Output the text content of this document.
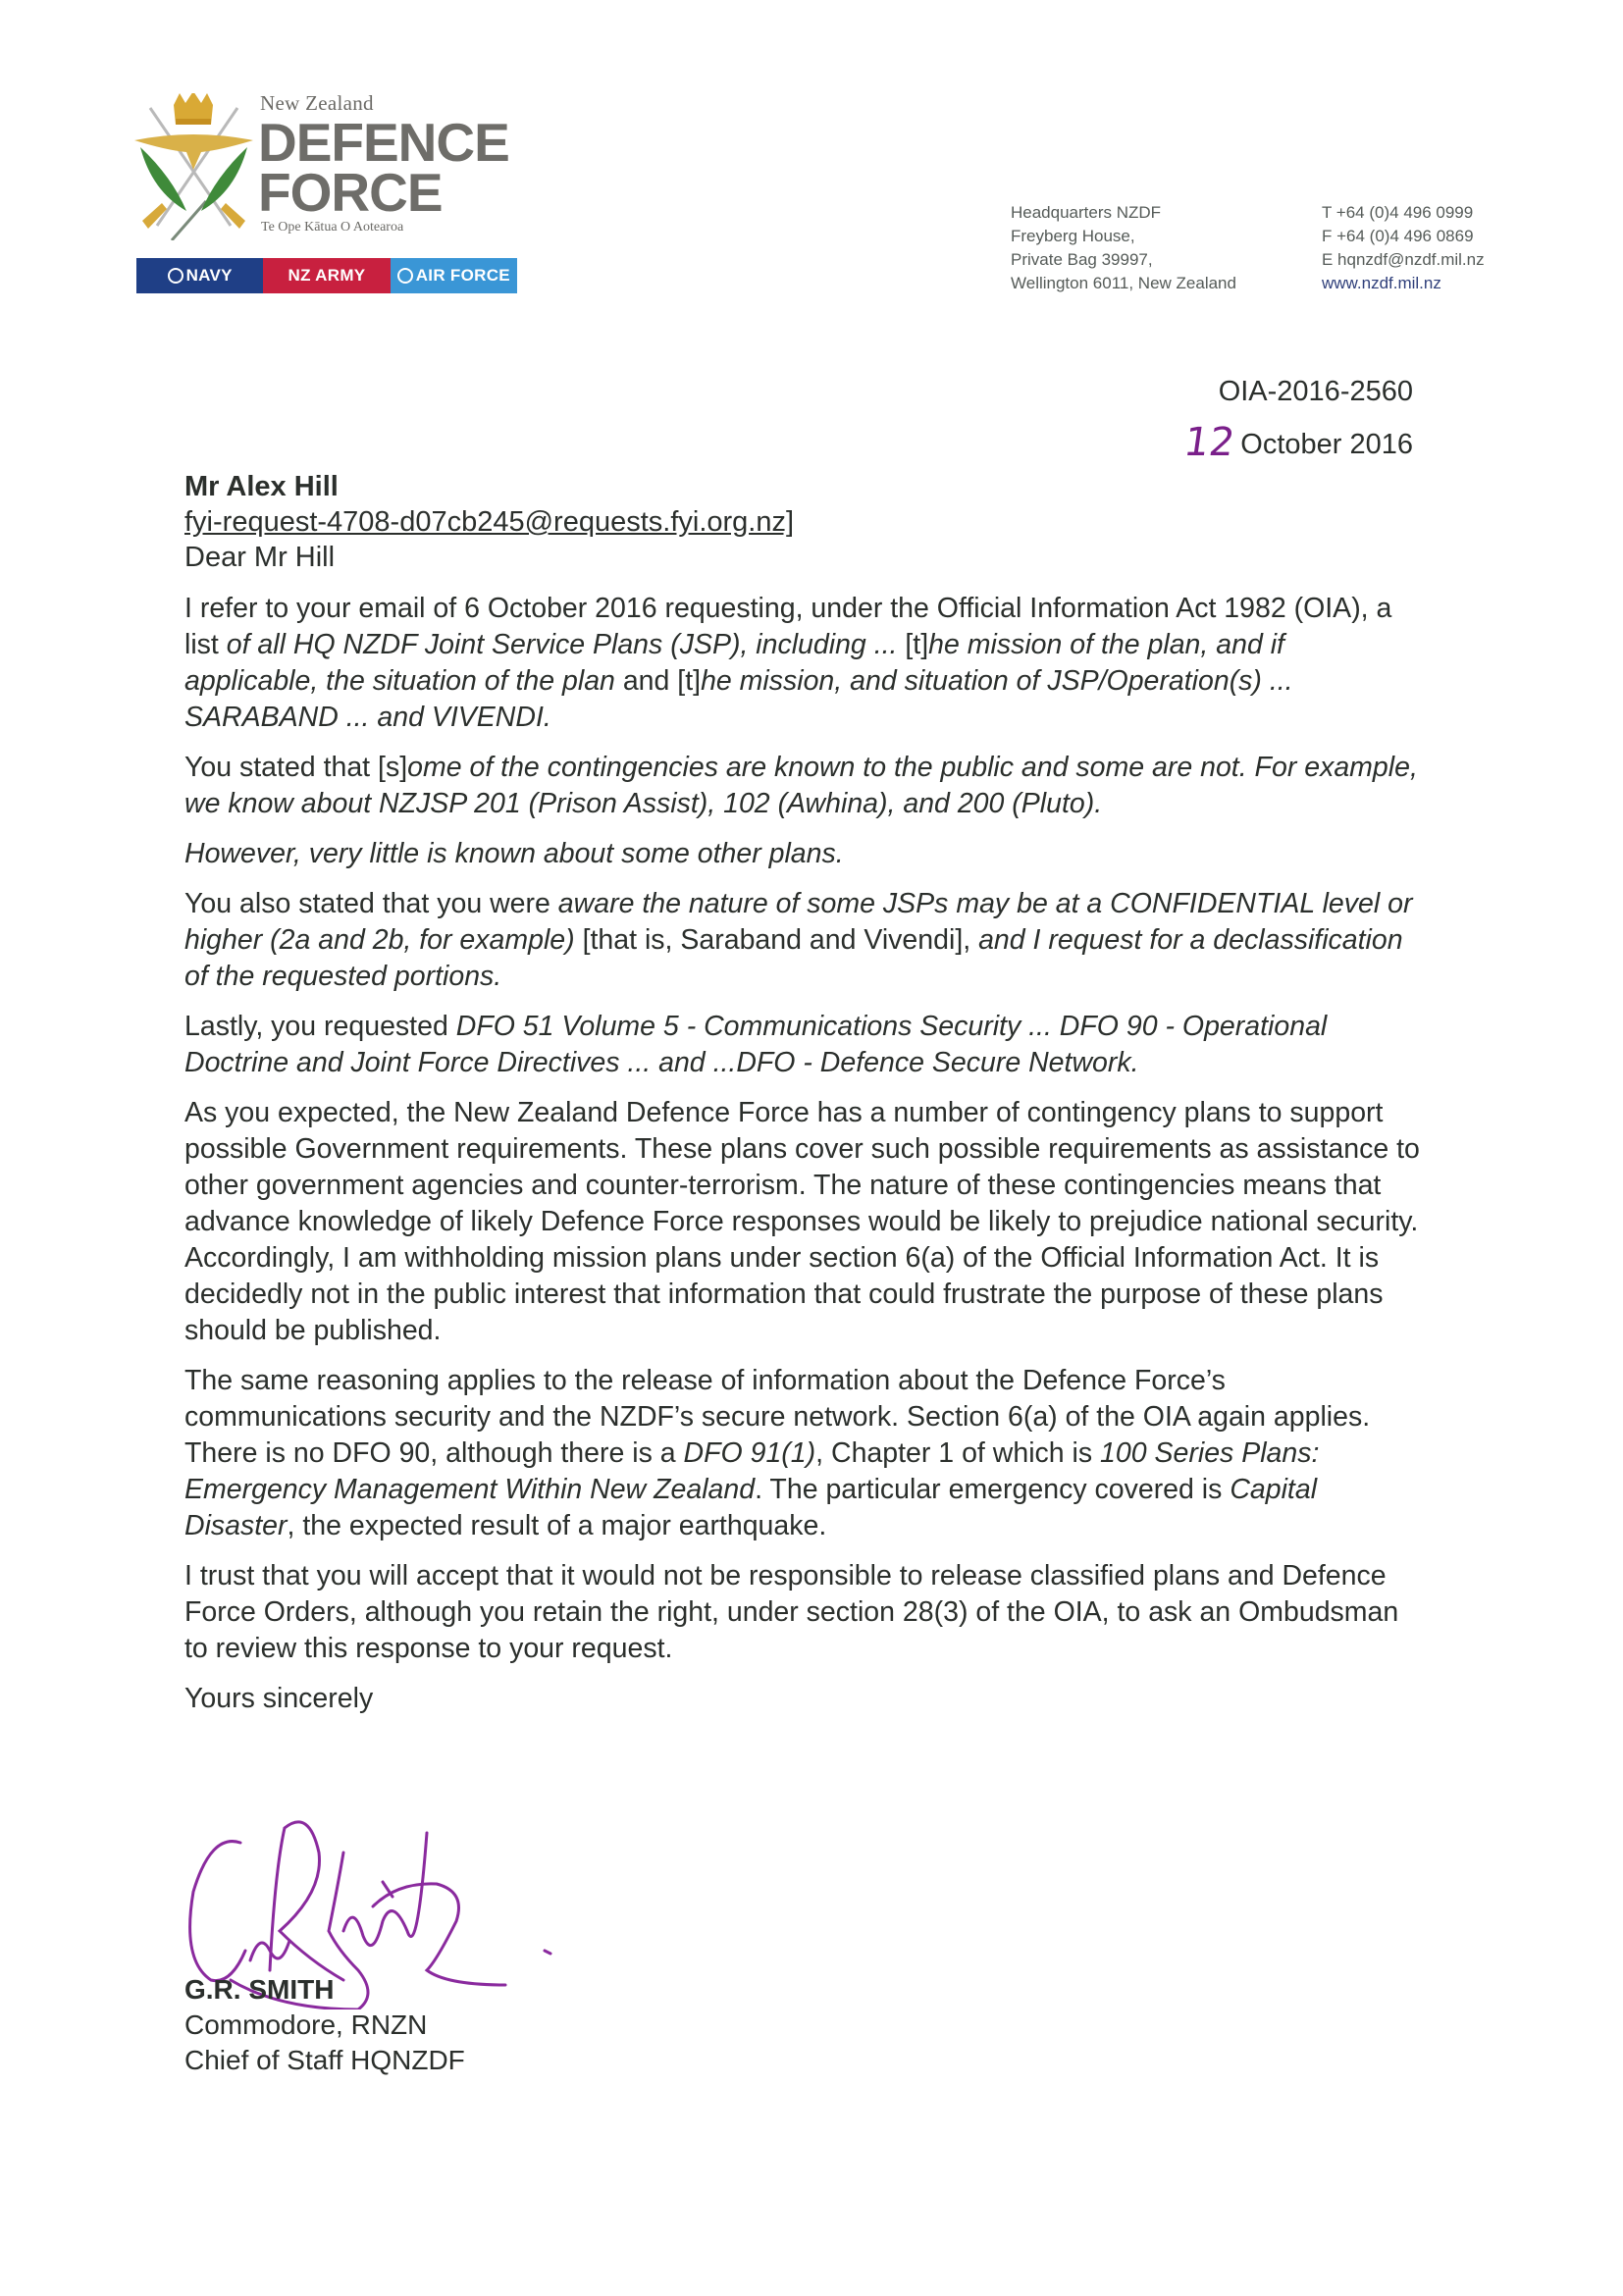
New Zealand
DEFENCE
FORCE
Te Ope Kātua O Aotearoa
NAVY	NZ ARMY	AIR FORCE
Headquarters NZDF
Freyberg House,
Private Bag 39997,
Wellington 6011, New Zealand
T +64 (0)4 496 0999
F +64 (0)4 496 0869
E hqnzdf@nzdf.mil.nz
www.nzdf.mil.nz
OIA-2016-2560
12 October 2016
Mr Alex Hill
fyi-request-4708-d07cb245@requests.fyi.org.nz]
Dear Mr Hill

I refer to your email of 6 October 2016 requesting, under the Official Information Act 1982 (OIA), a list of all HQ NZDF Joint Service Plans (JSP), including ... [t]he mission of the plan, and if applicable, the situation of the plan and [t]he mission, and situation of JSP/Operation(s) ... SARABAND ... and VIVENDI.

You stated that [s]ome of the contingencies are known to the public and some are not. For example, we know about NZJSP 201 (Prison Assist), 102 (Awhina), and 200 (Pluto).

However, very little is known about some other plans.

You also stated that you were aware the nature of some JSPs may be at a CONFIDENTIAL level or higher (2a and 2b, for example) [that is, Saraband and Vivendi], and I request for a declassification of the requested portions.

Lastly, you requested DFO 51 Volume 5 - Communications Security ... DFO 90 - Operational Doctrine and Joint Force Directives ... and ...DFO - Defence Secure Network.

As you expected, the New Zealand Defence Force has a number of contingency plans to support possible Government requirements. These plans cover such possible requirements as assistance to other government agencies and counter-terrorism. The nature of these contingencies means that advance knowledge of likely Defence Force responses would be likely to prejudice national security. Accordingly, I am withholding mission plans under section 6(a) of the Official Information Act. It is decidedly not in the public interest that information that could frustrate the purpose of these plans should be published.

The same reasoning applies to the release of information about the Defence Force’s communications security and the NZDF’s secure network. Section 6(a) of the OIA again applies. There is no DFO 90, although there is a DFO 91(1), Chapter 1 of which is 100 Series Plans: Emergency Management Within New Zealand. The particular emergency covered is Capital Disaster, the expected result of a major earthquake.

I trust that you will accept that it would not be responsible to release classified plans and Defence Force Orders, although you retain the right, under section 28(3) of the OIA, to ask an Ombudsman to review this response to your request.

Yours sincerely

G.R. SMITH
Commodore, RNZN
Chief of Staff HQNZDF
